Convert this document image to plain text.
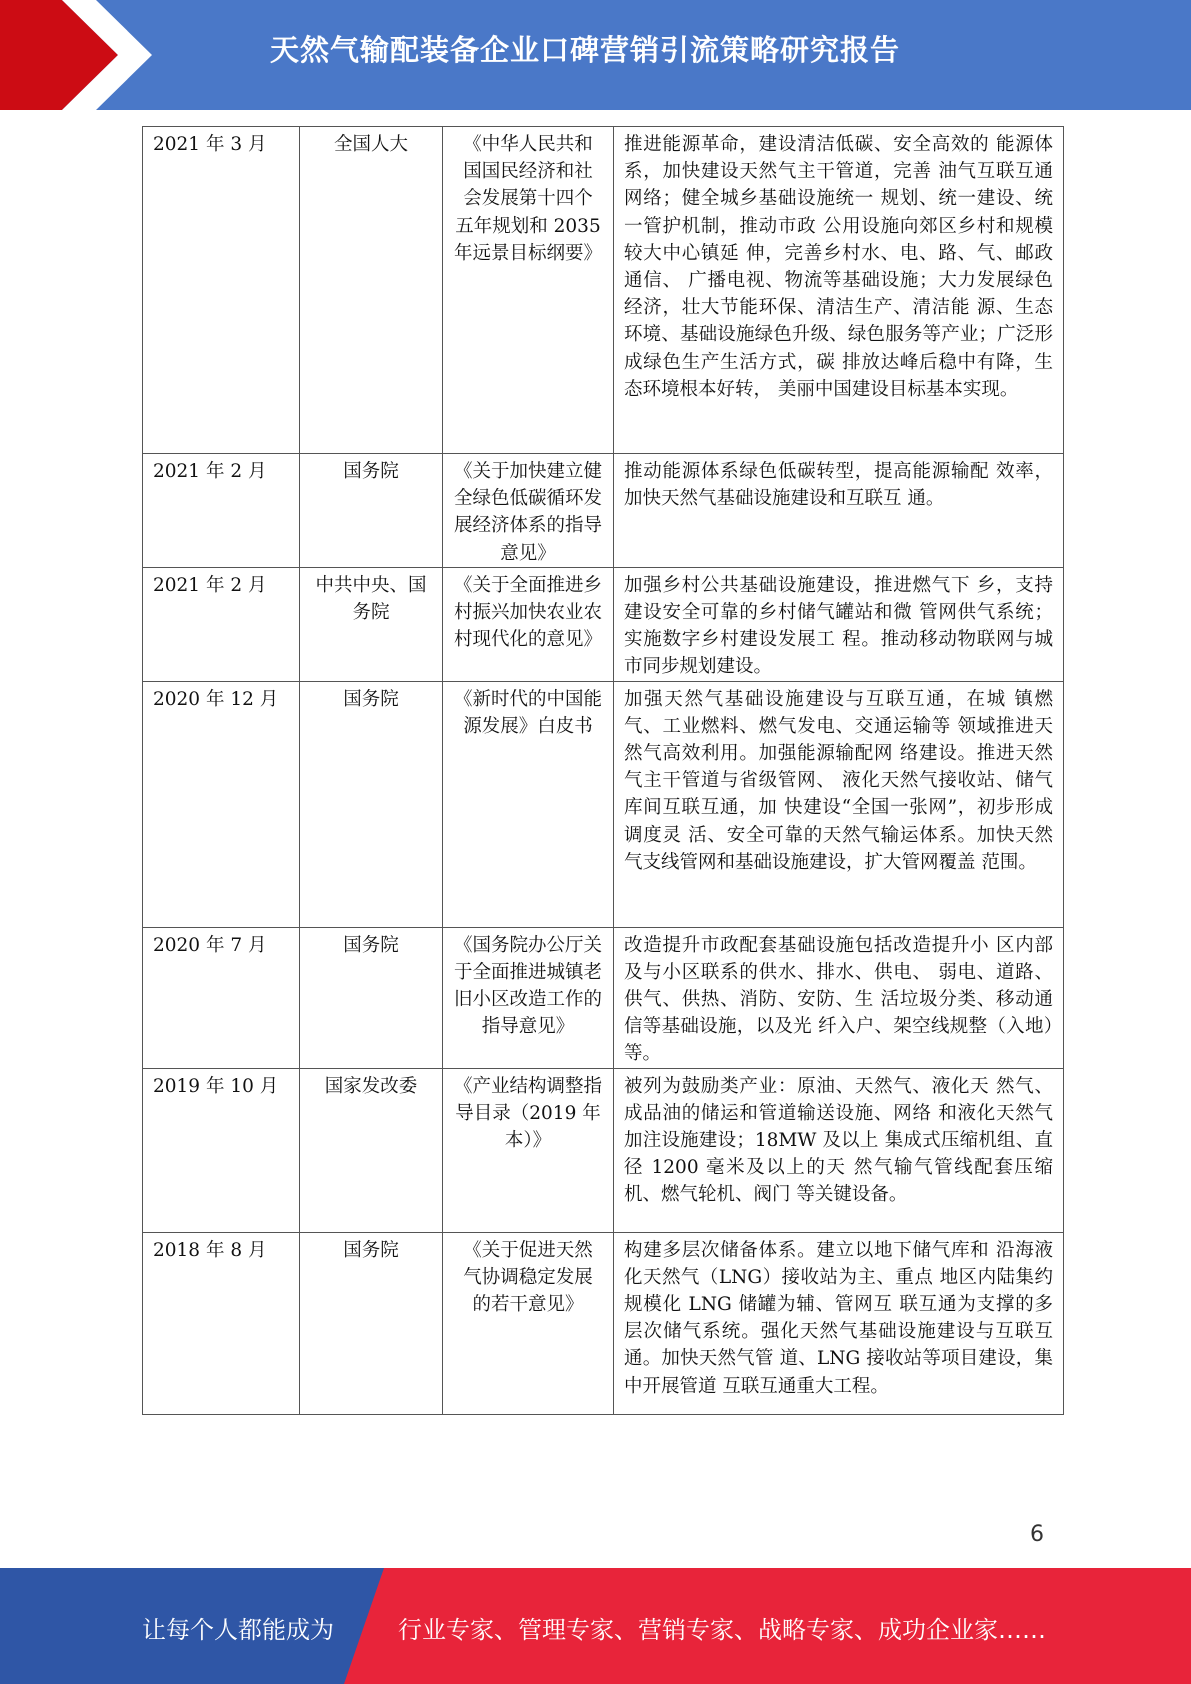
天然气输配装备企业口碑营销引流策略研究报告
2021 年 3 月	全国人大	《中华人民共和 国国民经济和社 会发展第十四个 五年规划和 2035 年远景目标纲要》	推进能源革命，建设清洁低碳、安全高效的 能源体系，加快建设天然气主干管道，完善 油气互联互通网络；健全城乡基础设施统一 规划、统一建设、统一管护机制，推动市政 公用设施向郊区乡村和规模较大中心镇延 伸，完善乡村水、电、路、气、邮政通信、 广播电视、物流等基础设施；大力发展绿色 经济，壮大节能环保、清洁生产、清洁能 源、生态环境、基础设施绿色升级、绿色服务等产业；广泛形成绿色生产生活方式，碳 排放达峰后稳中有降，生态环境根本好转， 美丽中国建设目标基本实现。
2021 年 2 月	国务院	《关于加快建立健全绿色低碳循环发展经济体系的指导意见》	推动能源体系绿色低碳转型，提高能源输配 效率，加快天然气基础设施建设和互联互 通。
2021 年 2 月	中共中央、国务院	《关于全面推进乡村振兴加快农业农村现代化的意见》	加强乡村公共基础设施建设，推进燃气下 乡，支持建设安全可靠的乡村储气罐站和微 管网供气系统；实施数字乡村建设发展工 程。推动移动物联网与城市同步规划建设。
2020 年 12 月	国务院	《新时代的中国能源发展》白皮书	加强天然气基础设施建设与互联互通，在城 镇燃气、工业燃料、燃气发电、交通运输等 领域推进天然气高效利用。加强能源输配网 络建设。推进天然气主干管道与省级管网、 液化天然气接收站、储气库间互联互通，加 快建设“全国一张网”，初步形成调度灵 活、安全可靠的天然气输运体系。加快天然 气支线管网和基础设施建设，扩大管网覆盖 范围。
2020 年 7 月	国务院	《国务院办公厅关于全面推进城镇老旧小区改造工作的指导意见》	改造提升市政配套基础设施包括改造提升小 区内部及与小区联系的供水、排水、供电、 弱电、道路、供气、供热、消防、安防、生 活垃圾分类、移动通信等基础设施，以及光 纤入户、架空线规整（入地）等。
2019 年 10 月	国家发改委	《产业结构调整指导目录（2019 年本）》	被列为鼓励类产业：原油、天然气、液化天 然气、成品油的储运和管道输送设施、网络 和液化天然气加注设施建设；18MW 及以上 集成式压缩机组、直径 1200 毫米及以上的天 然气输气管线配套压缩机、燃气轮机、阀门 等关键设备。
2018 年 8 月	国务院	《关于促进天然 气协调稳定发展 的若干意见》	构建多层次储备体系。建立以地下储气库和 沿海液化天然气（LNG）接收站为主、重点 地区内陆集约规模化 LNG 储罐为辅、管网互 联互通为支撑的多层次储气系统。强化天然气基础设施建设与互联互通。加快天然气管 道、LNG 接收站等项目建设，集中开展管道 互联互通重大工程。
6
让每个人都能成为	行业专家、管理专家、营销专家、战略专家、成功企业家……
